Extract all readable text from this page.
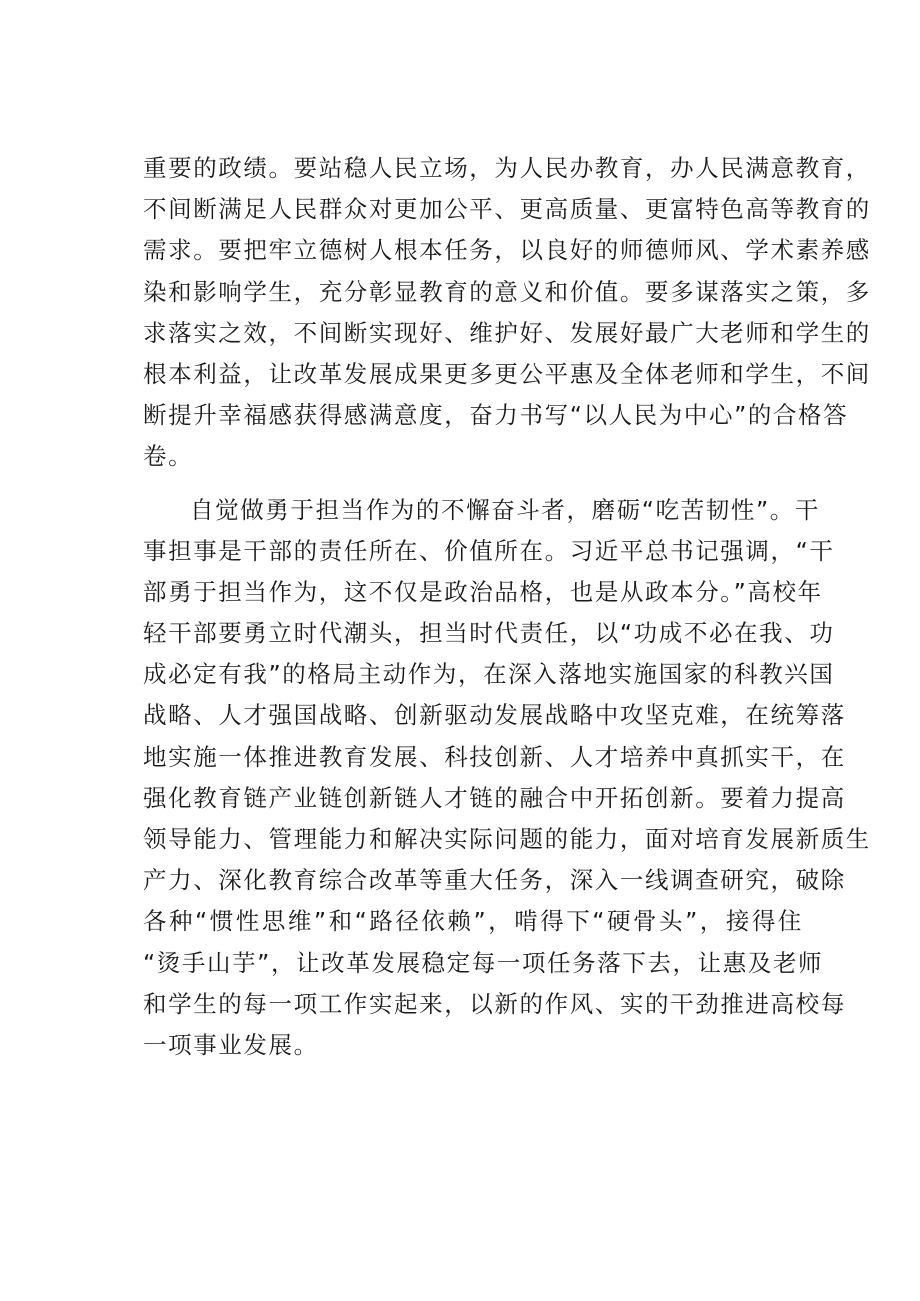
重要的政绩。要站稳人民立场，为人民办教育，办人民满意教育，
不间断满足人民群众对更加公平、更高质量、更富特色高等教育的
需求。要把牢立德树人根本任务，以良好的师德师风、学术素养感
染和影响学生，充分彰显教育的意义和价值。要多谋落实之策，多
求落实之效，不间断实现好、维护好、发展好最广大老师和学生的
根本利益，让改革发展成果更多更公平惠及全体老师和学生，不间
断提升幸福感获得感满意度，奋力书写“以人民为中心”的合格答
卷。
自觉做勇于担当作为的不懈奋斗者，磨砺“吃苦韧性”。干
事担事是干部的责任所在、价值所在。习近平总书记强调，“干
部勇于担当作为，这不仅是政治品格，也是从政本分。”高校年
轻干部要勇立时代潮头，担当时代责任，以“功成不必在我、功
成必定有我”的格局主动作为，在深入落地实施国家的科教兴国
战略、人才强国战略、创新驱动发展战略中攻坚克难，在统筹落
地实施一体推进教育发展、科技创新、人才培养中真抓实干，在
强化教育链产业链创新链人才链的融合中开拓创新。要着力提高
领导能力、管理能力和解决实际问题的能力，面对培育发展新质生
产力、深化教育综合改革等重大任务，深入一线调查研究，破除
各种“惯性思维”和“路径依赖”，啃得下“硬骨头”，接得住
“烫手山芋”，让改革发展稳定每一项任务落下去，让惠及老师
和学生的每一项工作实起来，以新的作风、实的干劲推进高校每
一项事业发展。
